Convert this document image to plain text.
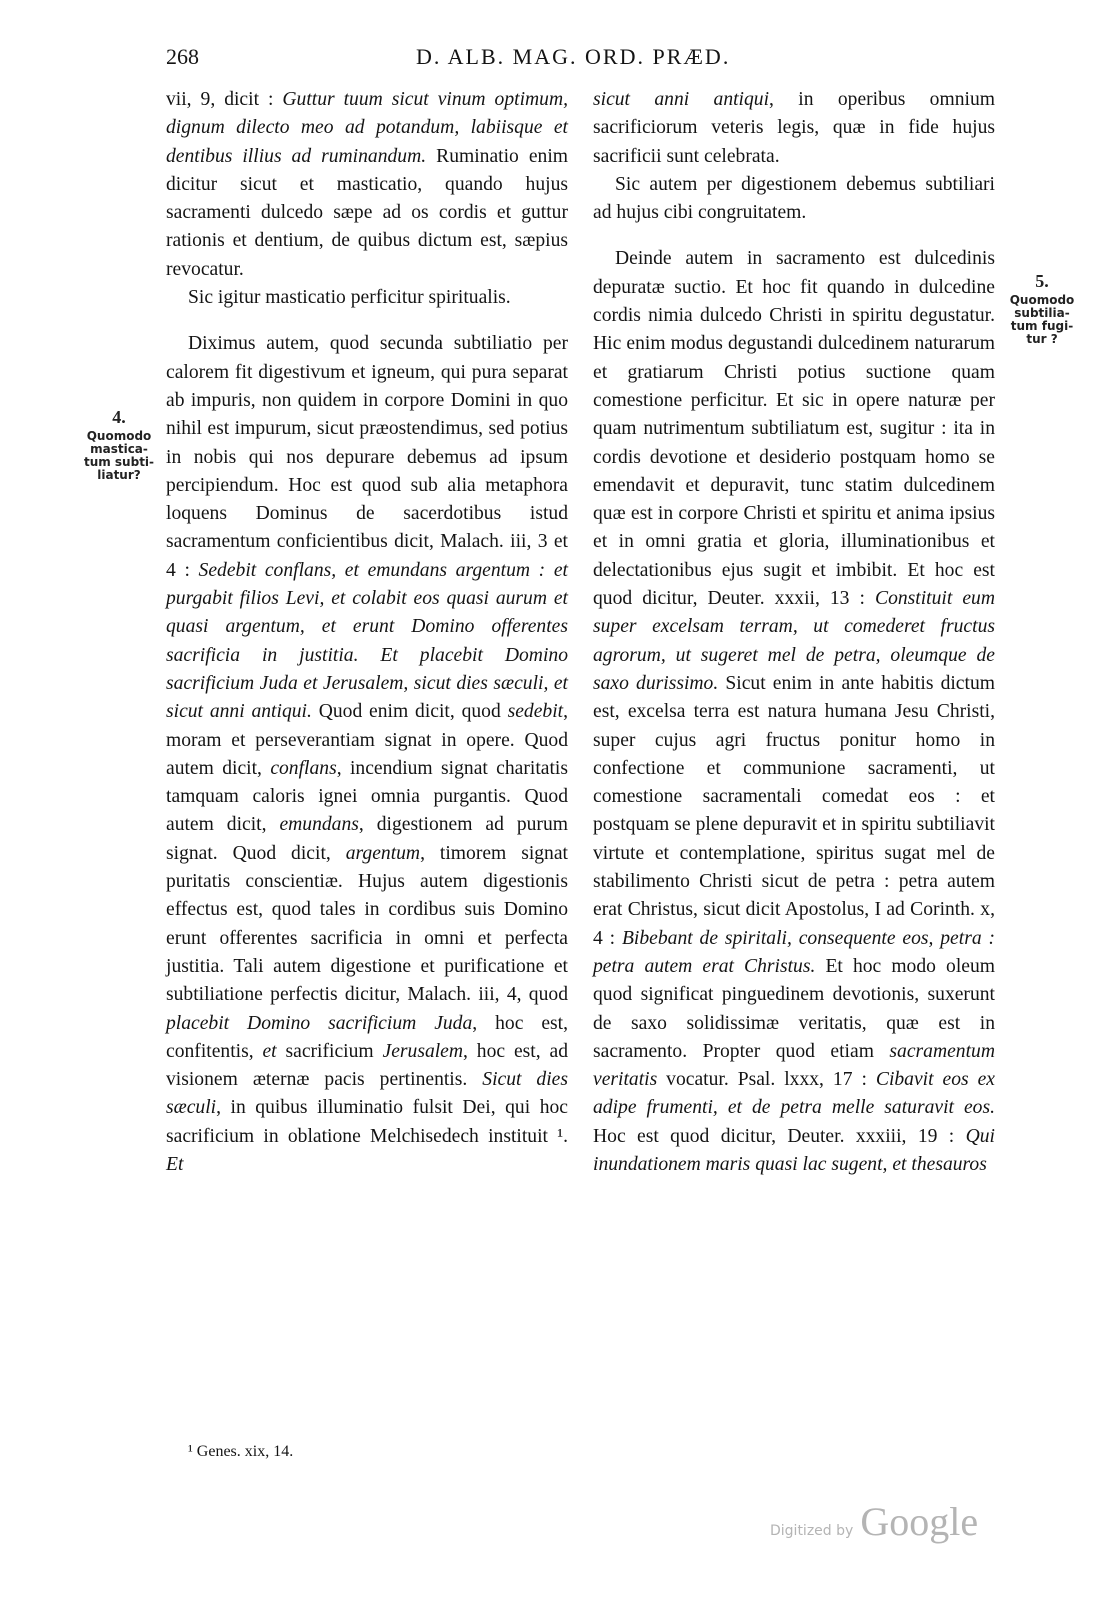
268	D. ALB. MAG. ORD. PRÆD.

vii, 9, dicit : Guttur tuum sicut vinum optimum, dignum dilecto meo ad potandum, labiisque et dentibus illius ad ruminandum. Ruminatio enim dicitur sicut et masticatio, quando hujus sacramenti dulcedo sæpe ad os cordis et guttur rationis et dentium, de quibus dictum est, sæpius revocatur.

Sic igitur masticatio perficitur spiritualis.

Diximus autem, quod secunda subtiliatio per calorem fit digestivum et igneum, qui pura separat ab impuris, non quidem in corpore Domini in quo nihil est impurum, sicut præostendimus, sed potius in nobis qui nos depurare debemus ad ipsum percipiendum. Hoc est quod sub alia metaphora loquens Dominus de sacerdotibus istud sacramentum conficientibus dicit, Malach. iii, 3 et 4 : Sedebit conflans, et emundans argentum : et purgabit filios Levi, et colabit eos quasi aurum et quasi argentum, et erunt Domino offerentes sacrificia in justitia. Et placebit Domino sacrificium Juda et Jerusalem, sicut dies sæculi, et sicut anni antiqui. Quod enim dicit, quod sedebit, moram et perseverantiam signat in opere. Quod autem dicit, conflans, incendium signat charitatis tamquam caloris ignei omnia purgantis. Quod autem dicit, emundans, digestionem ad purum signat. Quod dicit, argentum, timorem signat puritatis conscientiæ. Hujus autem digestionis effectus est, quod tales in cordibus suis Domino erunt offerentes sacrificia in omni et perfecta justitia. Tali autem digestione et purificatione et subtiliatione perfectis dicitur, Malach. iii, 4, quod placebit Domino sacrificium Juda, hoc est, confitentis, et sacrificium Jerusalem, hoc est, ad visionem æternæ pacis pertinentis. Sicut dies sæculi, in quibus illuminatio fulsit Dei, qui hoc sacrificium in oblatione Melchisedech instituit ¹. Et

sicut anni antiqui, in operibus omnium sacrificiorum veteris legis, quæ in fide hujus sacrificii sunt celebrata.

Sic autem per digestionem debemus subtiliari ad hujus cibi congruitatem.

Deinde autem in sacramento est dulcedinis depuratæ suctio. Et hoc fit quando in dulcedine cordis nimia dulcedo Christi in spiritu degustatur. Hic enim modus degustandi dulcedinem naturarum et gratiarum Christi potius suctione quam comestione perficitur. Et sic in opere naturæ per quam nutrimentum subtiliatum est, sugitur : ita in cordis devotione et desiderio postquam homo se emendavit et depuravit, tunc statim dulcedinem quæ est in corpore Christi et spiritu et anima ipsius et in omni gratia et gloria, illuminationibus et delectationibus ejus sugit et imbibit. Et hoc est quod dicitur, Deuter. xxxii, 13 : Constituit eum super excelsam terram, ut comederet fructus agrorum, ut sugeret mel de petra, oleumque de saxo durissimo. Sicut enim in ante habitis dictum est, excelsa terra est natura humana Jesu Christi, super cujus agri fructus ponitur homo in confectione et communione sacramenti, ut comestione sacramentali comedat eos : et postquam se plene depuravit et in spiritu subtiliavit virtute et contemplatione, spiritus sugat mel de stabilimento Christi sicut de petra : petra autem erat Christus, sicut dicit Apostolus, I ad Corinth. x, 4 : Bibebant de spiritali, consequente eos, petra : petra autem erat Christus. Et hoc modo oleum quod significat pinguedinem devotionis, suxerunt de saxo solidissimæ veritatis, quæ est in sacramento. Propter quod etiam sacramentum veritatis vocatur. Psal. lxxx, 17 : Cibavit eos ex adipe frumenti, et de petra melle saturavit eos. Hoc est quod dicitur, Deuter. xxxiii, 19 : Qui inundationem maris quasi lac sugent, et thesauros

4.
Quomodo
mastica-
tum subti-
liatur?
5.
Quomodo
subtilia-
tum fugi-
tur ?
¹ Genes. xix, 14.
Digitized by Google
